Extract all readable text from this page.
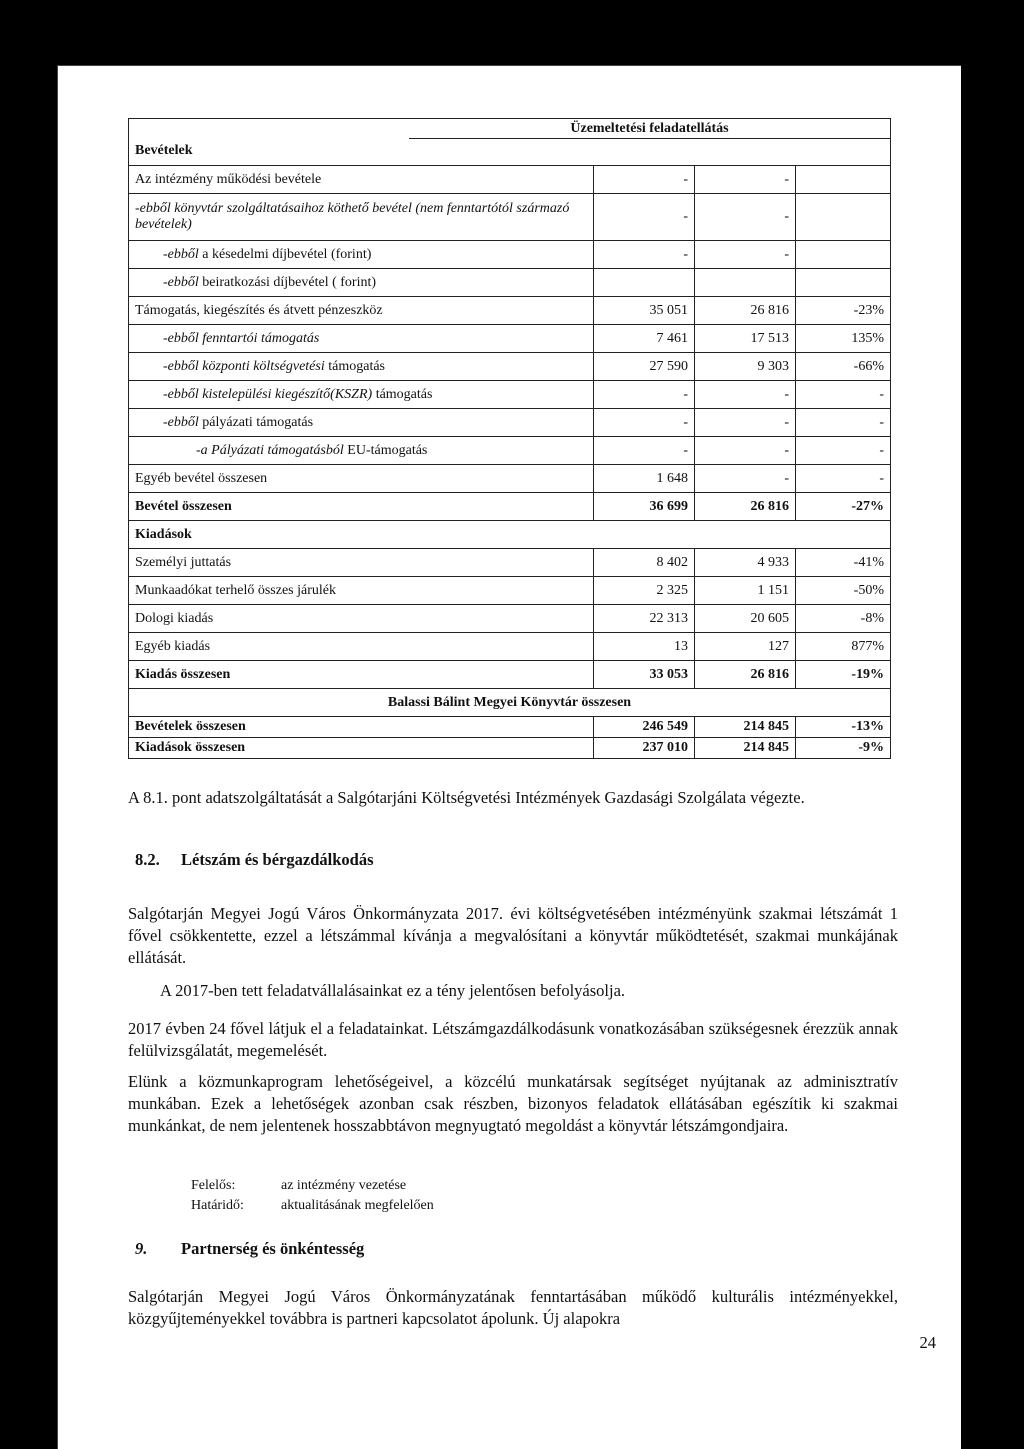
Üzemeltetési feladatellátás
Bevételek			

Az intézmény működési bevétele	-	-	
-ebből könyvtár szolgáltatásaihoz köthető bevétel (nem fenntartótól származó bevételek)	-	-	
-ebből a késedelmi díjbevétel (forint)	-	-	
-ebből beiratkozási díjbevétel ( forint)			
Támogatás, kiegészítés és átvett pénzeszköz	35 051	26 816	-23%
-ebből fenntartói támogatás	7 461	17 513	135%
-ebből központi költségvetési támogatás	27 590	9 303	-66%
-ebből kistelepülési kiegészítő(KSZR) támogatás	-	-	-
-ebből pályázati támogatás	-	-	-
-a Pályázati támogatásból EU-támogatás	-	-	-
Egyéb bevétel összesen	1 648	-	-
Bevétel összesen	36 699	26 816	-27%
Kiadások			
Személyi juttatás	8 402	4 933	-41%
Munkaadókat terhelő összes járulék	2 325	1 151	-50%
Dologi kiadás	22 313	20 605	-8%
Egyéb kiadás	13	127	877%
Kiadás összesen	33 053	26 816	-19%
Balassi Bálint Megyei Könyvtár összesen			
Bevételek összesen	246 549	214 845	-13%
Kiadások összesen	237 010	214 845	-9%
A 8.1. pont adatszolgáltatását a Salgótarjáni Költségvetési Intézmények Gazdasági Szolgálata végezte.
8.2. Létszám és bérgazdálkodás
Salgótarján Megyei Jogú Város Önkormányzata 2017. évi költségvetésében intézményünk szakmai létszámát 1 fővel csökkentette, ezzel a létszámmal kívánja a megvalósítani a könyvtár működtetését, szakmai munkájának ellátását.
A 2017-ben tett feladatvállalásainkat ez a tény jelentősen befolyásolja.
2017 évben 24 fővel látjuk el a feladatainkat. Létszámgazdálkodásunk vonatkozásában szükségesnek érezzük annak felülvizsgálatát, megemelését.
Elünk a közmunkaprogram lehetőségeivel, a közcélú munkatársak segítséget nyújtanak az adminisztratív munkában. Ezek a lehetőségek azonban csak részben, bizonyos feladatok ellátásában egészítik ki szakmai munkánkat, de nem jelentenek hosszabbtávon megnyugtató megoldást a könyvtár létszámgondjaira.
Felelős:	az intézmény vezetése
Határidő:	aktualitásának megfelelően
9. Partnerség és önkéntesség
Salgótarján Megyei Jogú Város Önkormányzatának fenntartásában működő kulturális intézményekkel, közgyűjteményekkel továbbra is partneri kapcsolatot ápolunk. Új alapokra
24
